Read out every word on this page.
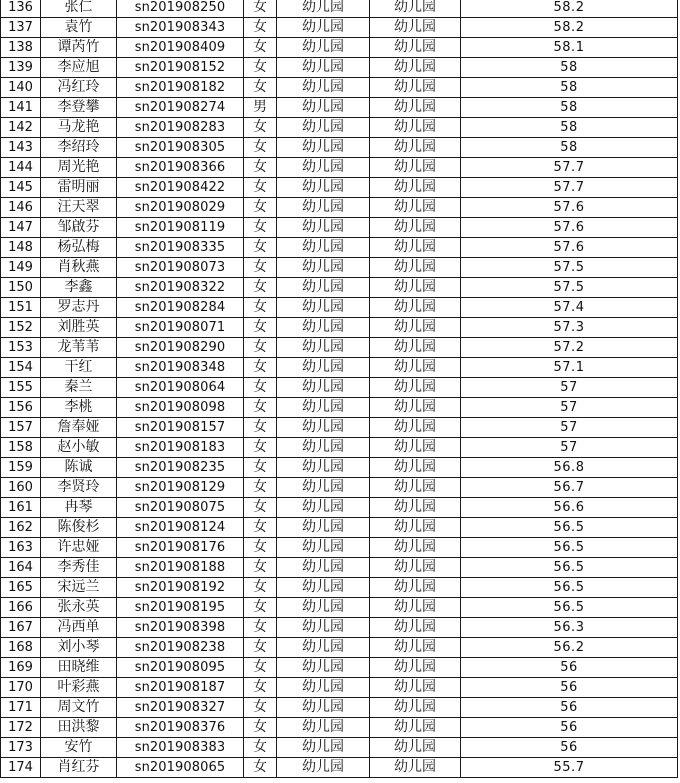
136	张仁	sn201908250	女	幼儿园	幼儿园	58.2
137	袁竹	sn201908343	女	幼儿园	幼儿园	58.2
138	谭芮竹	sn201908409	女	幼儿园	幼儿园	58.1
139	李应旭	sn201908152	女	幼儿园	幼儿园	58
140	冯红玲	sn201908182	女	幼儿园	幼儿园	58
141	李登攀	sn201908274	男	幼儿园	幼儿园	58
142	马龙艳	sn201908283	女	幼儿园	幼儿园	58
143	李绍玲	sn201908305	女	幼儿园	幼儿园	58
144	周光艳	sn201908366	女	幼儿园	幼儿园	57.7
145	雷明丽	sn201908422	女	幼儿园	幼儿园	57.7
146	汪天翠	sn201908029	女	幼儿园	幼儿园	57.6
147	邹啟芬	sn201908119	女	幼儿园	幼儿园	57.6
148	杨弘梅	sn201908335	女	幼儿园	幼儿园	57.6
149	肖秋燕	sn201908073	女	幼儿园	幼儿园	57.5
150	李鑫	sn201908322	女	幼儿园	幼儿园	57.5
151	罗志丹	sn201908284	女	幼儿园	幼儿园	57.4
152	刘胜英	sn201908071	女	幼儿园	幼儿园	57.3
153	龙苇苇	sn201908290	女	幼儿园	幼儿园	57.2
154	干红	sn201908348	女	幼儿园	幼儿园	57.1
155	秦兰	sn201908064	女	幼儿园	幼儿园	57
156	李桃	sn201908098	女	幼儿园	幼儿园	57
157	詹奉娅	sn201908157	女	幼儿园	幼儿园	57
158	赵小敏	sn201908183	女	幼儿园	幼儿园	57
159	陈诚	sn201908235	女	幼儿园	幼儿园	56.8
160	李贤玲	sn201908129	女	幼儿园	幼儿园	56.7
161	冉琴	sn201908075	女	幼儿园	幼儿园	56.6
162	陈俊杉	sn201908124	女	幼儿园	幼儿园	56.5
163	许忠娅	sn201908176	女	幼儿园	幼儿园	56.5
164	李秀佳	sn201908188	女	幼儿园	幼儿园	56.5
165	宋远兰	sn201908192	女	幼儿园	幼儿园	56.5
166	张永英	sn201908195	女	幼儿园	幼儿园	56.5
167	冯西单	sn201908398	女	幼儿园	幼儿园	56.3
168	刘小琴	sn201908238	女	幼儿园	幼儿园	56.2
169	田晓维	sn201908095	女	幼儿园	幼儿园	56
170	叶彩燕	sn201908187	女	幼儿园	幼儿园	56
171	周文竹	sn201908327	女	幼儿园	幼儿园	56
172	田洪黎	sn201908376	女	幼儿园	幼儿园	56
173	安竹	sn201908383	女	幼儿园	幼儿园	56
174	肖红芬	sn201908065	女	幼儿园	幼儿园	55.7
